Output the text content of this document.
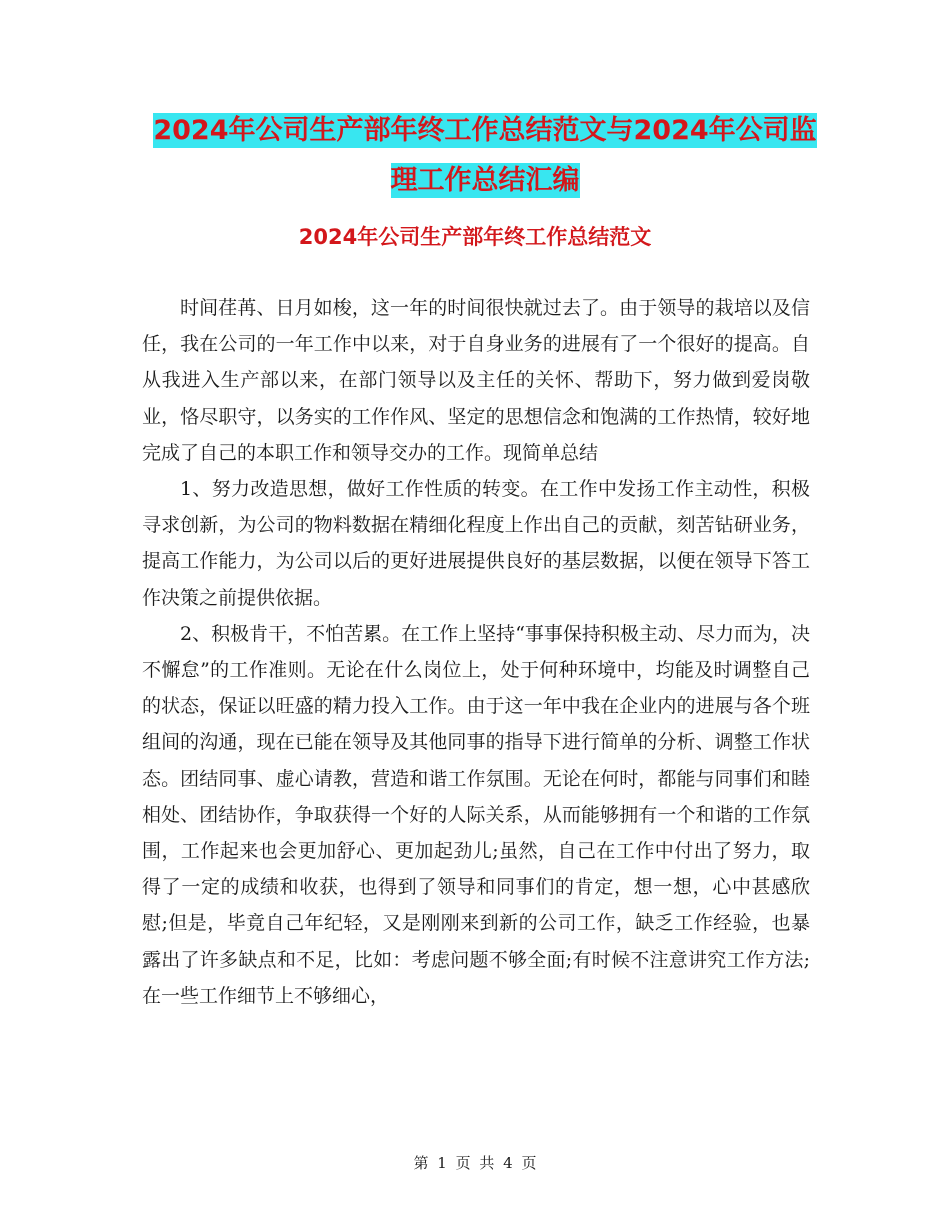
2024年公司生产部年终工作总结范文与2024年公司监
理工作总结汇编
2024年公司生产部年终工作总结范文

时间荏苒、日月如梭，这一年的时间很快就过去了。由于领导的栽培以及信任，我在公司的一年工作中以来，对于自身业务的进展有了一个很好的提高。自从我进入生产部以来，在部门领导以及主任的关怀、帮助下，努力做到爱岗敬业，恪尽职守，以务实的工作作风、坚定的思想信念和饱满的工作热情，较好地完成了自己的本职工作和领导交办的工作。现简单总结

1、努力改造思想，做好工作性质的转变。在工作中发扬工作主动性，积极寻求创新，为公司的物料数据在精细化程度上作出自己的贡献，刻苦钻研业务，提高工作能力，为公司以后的更好进展提供良好的基层数据，以便在领导下答工作决策之前提供依据。

2、积极肯干，不怕苦累。在工作上坚持“事事保持积极主动、尽力而为，决不懈怠”的工作准则。无论在什么岗位上，处于何种环境中，均能及时调整自己的状态，保证以旺盛的精力投入工作。由于这一年中我在企业内的进展与各个班组间的沟通，现在已能在领导及其他同事的指导下进行简单的分析、调整工作状态。团结同事、虚心请教，营造和谐工作氛围。无论在何时，都能与同事们和睦相处、团结协作，争取获得一个好的人际关系，从而能够拥有一个和谐的工作氛围，工作起来也会更加舒心、更加起劲儿;虽然，自己在工作中付出了努力，取得了一定的成绩和收获，也得到了领导和同事们的肯定，想一想，心中甚感欣慰;但是，毕竟自己年纪轻，又是刚刚来到新的公司工作，缺乏工作经验，也暴露出了许多缺点和不足，比如：考虑问题不够全面;有时候不注意讲究工作方法;在一些工作细节上不够细心，

第 1 页 共 4 页
